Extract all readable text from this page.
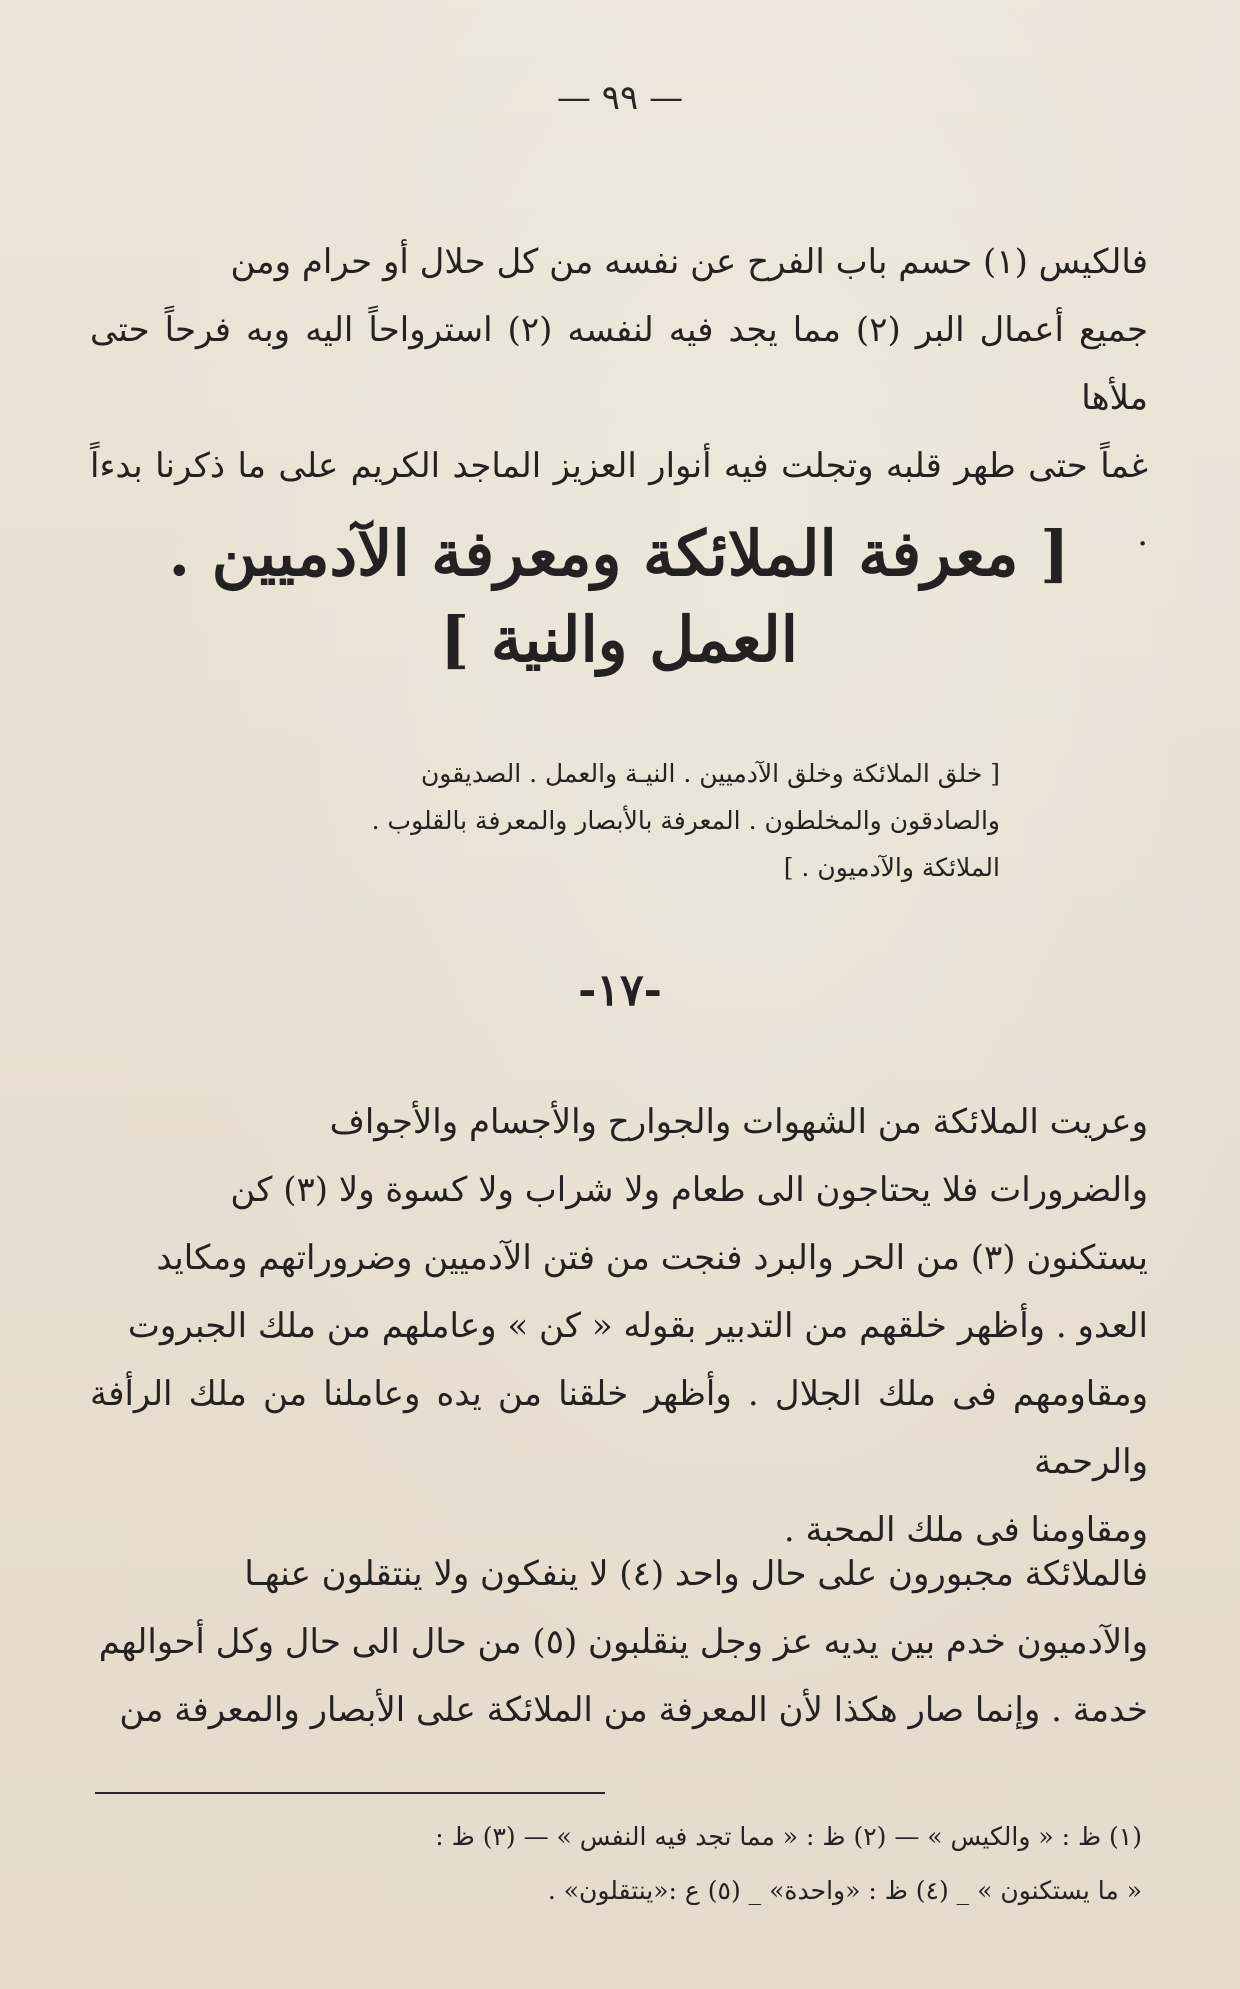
— ٩٩ —

فالكيس (١) حسم باب الفرح عن نفسه من كل حلال أو حرام ومن

جميع أعمال البر (٢) مما يجد فيه لنفسه (٢) استرواحاً اليه وبه فرحاً حتى ملأها

غماً حتى طهر قلبه وتجلت فيه أنوار العزيز الماجد الكريم على ما ذكرنا بدءاً .

[ معرفة الملائكة ومعرفة الآدميين .
العمل والنية ]

[ خلق الملائكة وخلق الآدميين . النيـة والعمل . الصديقون

والصادقون والمخلطون . المعرفة بالأبصار والمعرفة بالقلوب .

الملائكة والآدميون . ]

-١٧-

وعريت الملائكة من الشهوات والجوارح والأجسام والأجواف

والضرورات فلا يحتاجون الى طعام ولا شراب ولا كسوة ولا (٣) كن

يستكنون (٣) من الحر والبرد فنجت من فتن الآدميين وضروراتهم ومكايد

العدو . وأظهر خلقهم من التدبير بقوله « كن » وعاملهم من ملك الجبروت

ومقاومهم فى ملك الجلال . وأظهر خلقنا من يده وعاملنا من ملك الرأفة والرحمة

ومقاومنا فى ملك المحبة .

فالملائكة مجبورون على حال واحد (٤) لا ينفكون ولا ينتقلون عنهـا

والآدميون خدم بين يديه عز وجل ينقلبون (٥) من حال الى حال وكل أحوالهم

خدمة . وإنما صار هكذا لأن المعرفة من الملائكة على الأبصار والمعرفة من

(١) ظ : « والكيس » — (٢) ظ : « مما تجد فيه النفس » — (٣) ظ :

« ما يستكنون » _ (٤) ظ : «واحدة» _ (٥) ع :«ينتقلون» .
